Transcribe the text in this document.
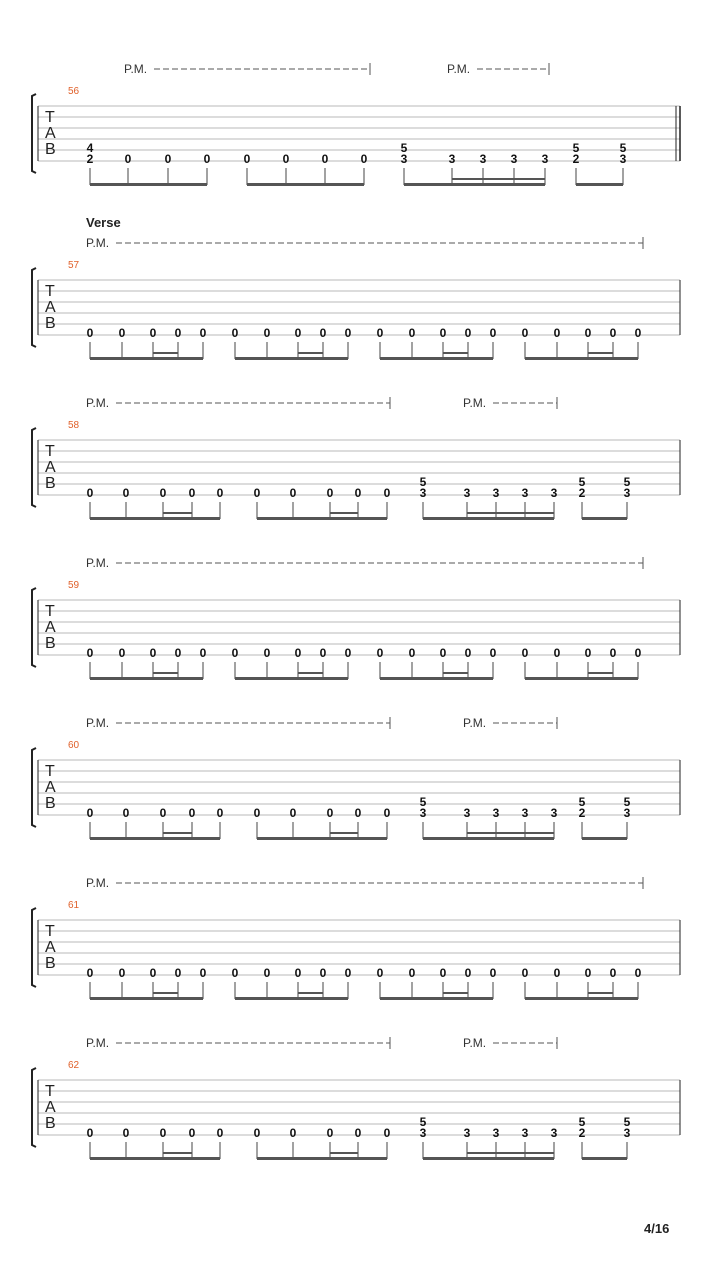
P.M.	P.M.
56
T
A
B	4
2	0	0	0	0	0	0	0
5
3	3 3 3 3
5
2
5
3
P.M.
Verse
57
T
A
B
0 0 0 0 0 0 0 0 0 0 0 0 0 0 0 0 0 0 0 0
P.M.	P.M.
58
T
A
B
0 0	0 0 0	0 0	0 0 0
5
3	3 3 3 3
5
2
5
3
P.M.
59
T
A
B
0 0 0 0 0 0 0 0 0 0 0 0 0 0 0 0 0 0 0 0
P.M.	P.M.
60
T
A
B
0 0	0 0 0	0 0	0 0 0
5
3	3 3 3 3
5
2
5
3
P.M.
61
T
A
B
0 0 0 0 0 0 0 0 0 0 0 0 0 0 0 0 0 0 0 0
P.M.	P.M.
62
T
A
B
0 0	0 0 0	0 0	0 0 0
5
3	3 3 3 3
5
2
5
3
4/16
